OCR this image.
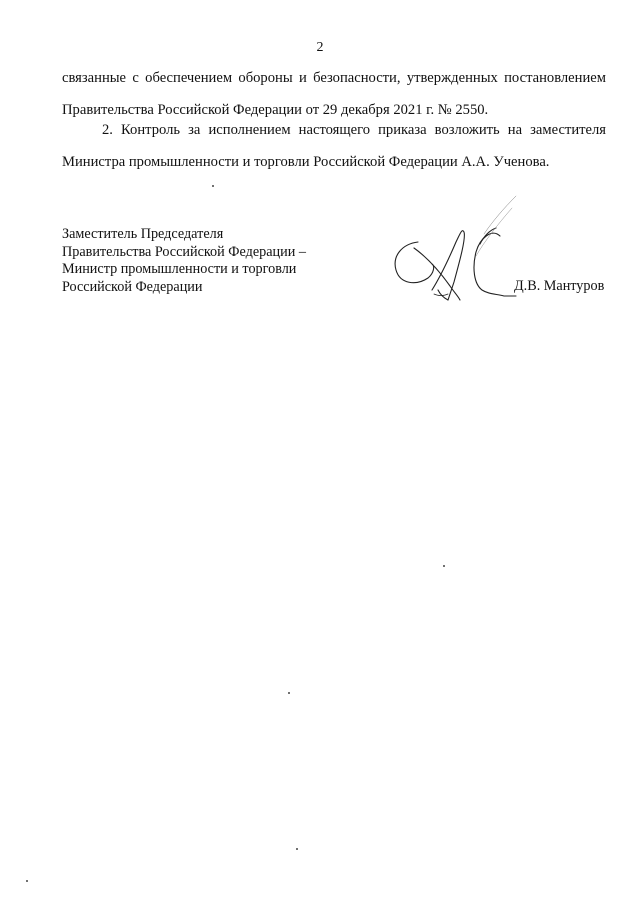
2
связанные с обеспечением обороны и безопасности, утвержденных постановлением
Правительства Российской Федерации от 29 декабря 2021 г. № 2550.
2. Контроль за исполнением настоящего приказа возложить на заместителя
Министра промышленности и торговли Российской Федерации А.А. Ученова.
Заместитель Председателя
Правительства Российской Федерации –
Министр промышленности и торговли
Российской Федерации	Д.В. Мантуров
